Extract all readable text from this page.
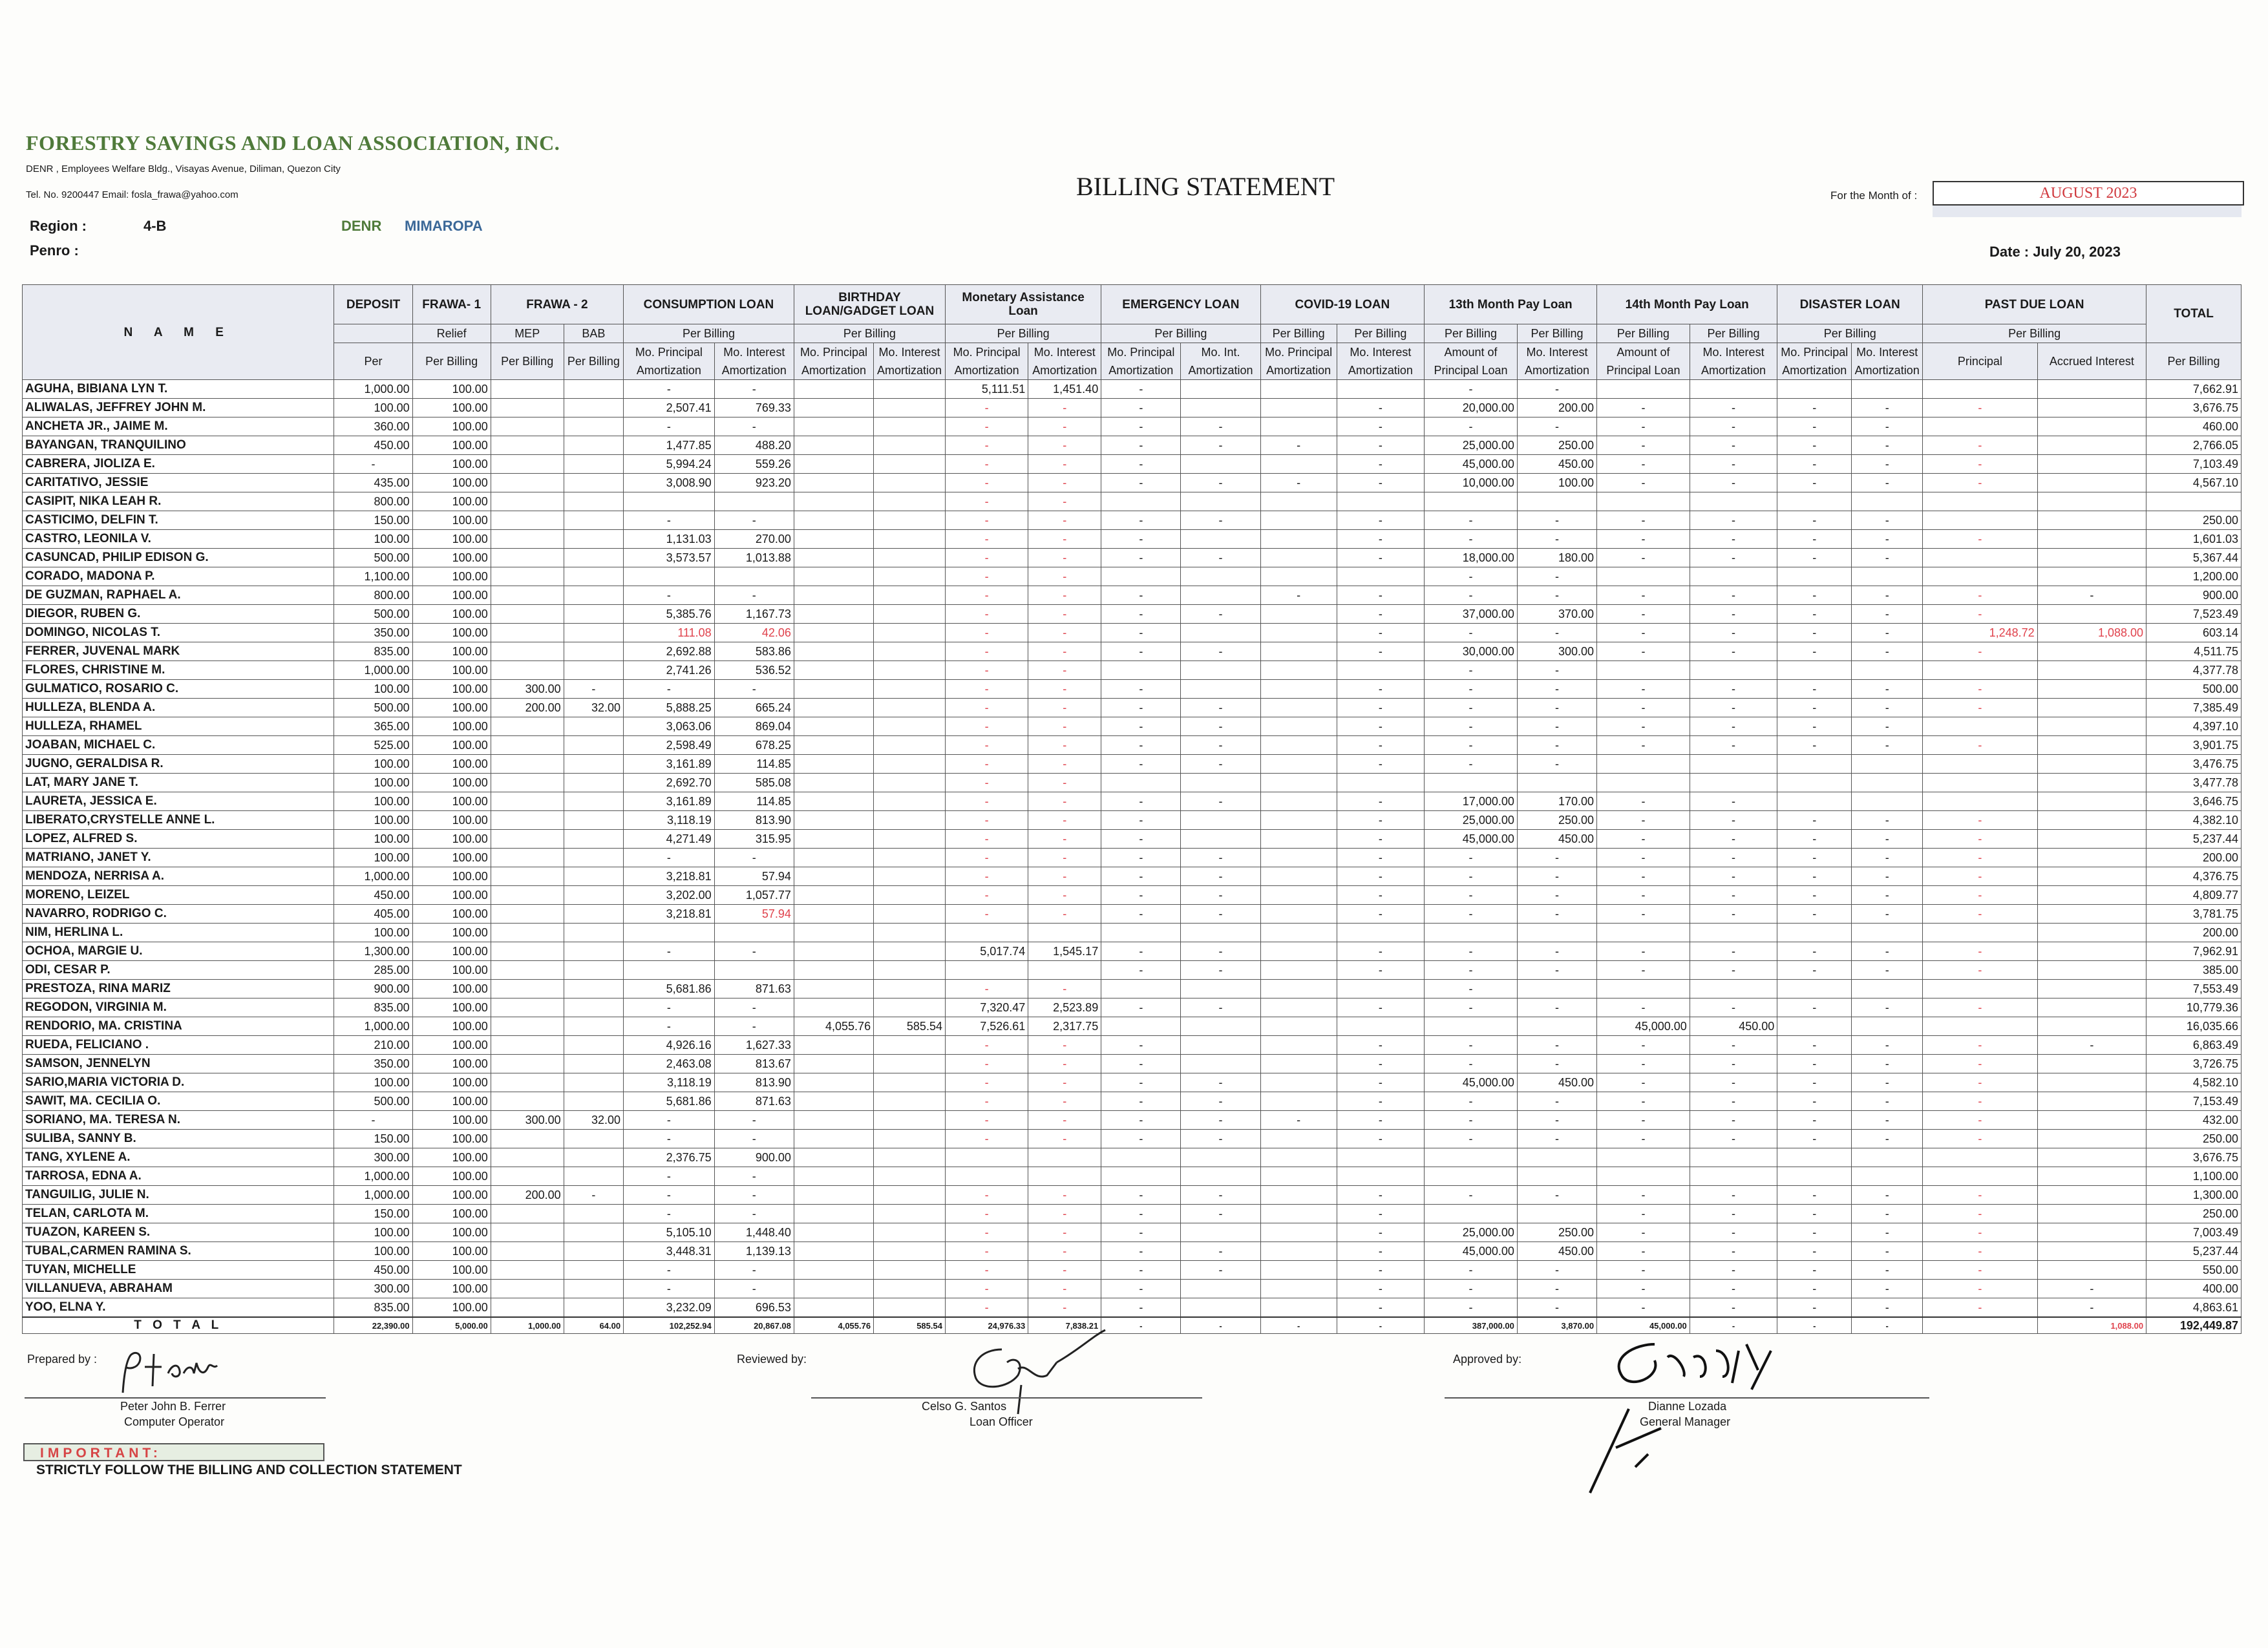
FORESTRY SAVINGS AND LOAN ASSOCIATION, INC.
DENR , Employees Welfare Bldg., Visayas Avenue, Diliman, Quezon City
Tel. No. 9200447 Email: fosla_frawa@yahoo.com	BILLING STATEMENT	For the Month of :	AUGUST 2023
Region :	4-B	DENR MIMAROPA
Penro :	Date : July 20, 2023
N A M E	DEPOSIT	FRAWA- 1	FRAWA - 2		CONSUMPTION LOAN		BIRTHDAY LOAN/GADGET LOAN		Monetary Assistance Loan		EMERGENCY LOAN		COVID-19 LOAN		13th Month Pay Loan		14th Month Pay Loan		DISASTER LOAN		PAST DUE LOAN		TOTAL
		Relief	MEP	BAB	Per Billing		Per Billing		Per Billing		Per Billing		Per Billing	Per Billing	Per Billing	Per Billing	Per Billing	Per Billing	Per Billing		Per Billing		
	Per	Per Billing	Per Billing	Per Billing	Mo. Principal Amortization	Mo. Interest Amortization	Mo. Principal Amortization	Mo. Interest Amortization	Mo. Principal Amortization	Mo. Interest Amortization	Mo. Principal Amortization	Mo. Int. Amortization	Mo. Principal Amortization	Mo. Interest Amortization	Amount of Principal Loan	Mo. Interest Amortization	Amount of Principal Loan	Mo. Interest Amortization	Mo. Principal Amortization	Mo. Interest Amortization	Principal	Accrued Interest	Per Billing
AGUHA, BIBIANA LYN T.	1,000.00	100.00			-	-			5,111.51	1,451.40	-				-	-							7,662.91
ALIWALAS, JEFFREY JOHN M.	100.00	100.00			2,507.41	769.33			-	-	-			-	20,000.00	200.00	-	-	-	-	-		3,676.75
ANCHETA JR., JAIME M.	360.00	100.00			-	-			-	-	-	-		-	-	-	-	-	-	-			460.00
BAYANGAN, TRANQUILINO	450.00	100.00			1,477.85	488.20			-	-	-	-	-	-	25,000.00	250.00	-	-	-	-	-		2,766.05
CABRERA, JIOLIZA E.	-	100.00			5,994.24	559.26			-	-	-			-	45,000.00	450.00	-	-	-	-	-		7,103.49
CARITATIVO, JESSIE	435.00	100.00			3,008.90	923.20			-	-	-	-	-	-	10,000.00	100.00	-	-	-	-	-		4,567.10
CASIPIT, NIKA LEAH R.	800.00	100.00							-	-													
CASTICIMO, DELFIN T.	150.00	100.00			-	-			-	-	-	-		-	-	-	-	-	-	-			250.00
CASTRO, LEONILA V.	100.00	100.00			1,131.03	270.00			-	-	-			-	-	-	-	-	-	-	-		1,601.03
CASUNCAD, PHILIP EDISON G.	500.00	100.00			3,573.57	1,013.88			-	-	-	-		-	18,000.00	180.00	-	-	-	-			5,367.44
CORADO, MADONA P.	1,100.00	100.00							-	-					-	-							1,200.00
DE GUZMAN, RAPHAEL A.	800.00	100.00			-	-			-	-	-		-	-	-	-	-	-	-	-	-	-	900.00
DIEGOR, RUBEN G.	500.00	100.00			5,385.76	1,167.73			-	-	-	-		-	37,000.00	370.00	-	-	-	-	-		7,523.49
DOMINGO, NICOLAS T.	350.00	100.00			111.08	42.06			-	-	-			-	-	-	-	-	-	-	1,248.72	1,088.00	603.14
FERRER, JUVENAL MARK	835.00	100.00			2,692.88	583.86			-	-	-	-		-	30,000.00	300.00	-	-	-	-	-		4,511.75
FLORES, CHRISTINE M.	1,000.00	100.00			2,741.26	536.52			-	-					-	-							4,377.78
GULMATICO, ROSARIO C.	100.00	100.00	300.00	-	-	-			-	-	-			-	-	-	-	-	-	-	-		500.00
HULLEZA, BLENDA A.	500.00	100.00	200.00	32.00	5,888.25	665.24			-	-	-	-		-	-	-	-	-	-	-	-		7,385.49
HULLEZA, RHAMEL	365.00	100.00			3,063.06	869.04			-	-	-	-		-	-	-	-	-	-	-			4,397.10
JOABAN, MICHAEL C.	525.00	100.00			2,598.49	678.25			-	-	-	-		-	-	-	-	-	-	-	-		3,901.75
JUGNO, GERALDISA R.	100.00	100.00			3,161.89	114.85			-	-	-	-		-	-	-							3,476.75
LAT, MARY JANE T.	100.00	100.00			2,692.70	585.08			-	-													3,477.78
LAURETA, JESSICA E.	100.00	100.00			3,161.89	114.85			-	-	-	-		-	17,000.00	170.00	-	-					3,646.75
LIBERATO,CRYSTELLE ANNE L.	100.00	100.00			3,118.19	813.90			-	-	-			-	25,000.00	250.00	-	-	-	-	-		4,382.10
LOPEZ, ALFRED S.	100.00	100.00			4,271.49	315.95			-	-	-			-	45,000.00	450.00	-	-	-	-	-		5,237.44
MATRIANO, JANET Y.	100.00	100.00			-	-			-	-	-	-		-	-	-	-	-	-	-	-		200.00
MENDOZA, NERRISA A.	1,000.00	100.00			3,218.81	57.94			-	-	-	-		-	-	-	-	-	-	-	-		4,376.75
MORENO, LEIZEL	450.00	100.00			3,202.00	1,057.77			-	-	-	-		-	-	-	-	-	-	-	-		4,809.77
NAVARRO, RODRIGO C.	405.00	100.00			3,218.81	57.94			-	-	-	-		-	-	-	-	-	-	-	-		3,781.75
NIM, HERLINA L.	100.00	100.00																					200.00
OCHOA, MARGIE U.	1,300.00	100.00			-	-			5,017.74	1,545.17	-	-		-	-	-	-	-	-	-	-		7,962.91
ODI, CESAR P.	285.00	100.00									-	-		-	-	-	-	-	-	-	-		385.00
PRESTOZA, RINA MARIZ	900.00	100.00			5,681.86	871.63			-	-					-								7,553.49
REGODON, VIRGINIA M.	835.00	100.00			-	-			7,320.47	2,523.89	-	-		-	-	-	-	-	-	-	-		10,779.36
RENDORIO, MA. CRISTINA	1,000.00	100.00			-	-	4,055.76	585.54	7,526.61	2,317.75							45,000.00	450.00					16,035.66
RUEDA, FELICIANO .	210.00	100.00			4,926.16	1,627.33			-	-	-			-	-	-	-	-	-	-	-	-	6,863.49
SAMSON, JENNELYN	350.00	100.00			2,463.08	813.67			-	-	-			-	-	-	-	-	-	-	-		3,726.75
SARIO,MARIA VICTORIA D.	100.00	100.00			3,118.19	813.90			-	-	-	-		-	45,000.00	450.00	-	-	-	-	-		4,582.10
SAWIT, MA. CECILIA O.	500.00	100.00			5,681.86	871.63			-	-	-	-		-	-	-	-	-	-	-	-		7,153.49
SORIANO, MA. TERESA N.	-	100.00	300.00	32.00	-	-			-	-	-	-	-	-	-	-	-	-	-	-	-		432.00
SULIBA, SANNY B.	150.00	100.00			-	-			-	-	-	-		-	-	-	-	-	-	-	-		250.00
TANG, XYLENE A.	300.00	100.00			2,376.75	900.00																	3,676.75
TARROSA, EDNA A.	1,000.00	100.00			-	-																	1,100.00
TANGUILIG, JULIE N.	1,000.00	100.00	200.00	-	-	-			-	-	-	-		-	-	-	-	-	-	-	-		1,300.00
TELAN, CARLOTA M.	150.00	100.00			-	-			-	-	-	-		-			-	-	-	-	-		250.00
TUAZON, KAREEN S.	100.00	100.00			5,105.10	1,448.40			-	-	-			-	25,000.00	250.00	-	-	-	-	-		7,003.49
TUBAL,CARMEN RAMINA S.	100.00	100.00			3,448.31	1,139.13			-	-	-	-		-	45,000.00	450.00	-	-	-	-	-		5,237.44
TUYAN, MICHELLE	450.00	100.00			-	-			-	-	-	-		-	-	-	-	-	-	-	-		550.00
VILLANUEVA, ABRAHAM	300.00	100.00			-	-			-	-	-			-	-	-	-	-	-	-	-	-	400.00
YOO, ELNA Y.	835.00	100.00			3,232.09	696.53			-	-	-			-	-	-	-	-	-	-	-	-	4,863.61
T O T A L	22,390.00	5,000.00	1,000.00	64.00	102,252.94	20,867.08	4,055.76	585.54	24,976.33	7,838.21	-	-	-	-	387,000.00	3,870.00	45,000.00	-	-	-		1,088.00	192,449.87
Prepared by :	Reviewed by:	Approved by:
Peter John B. Ferrer
Computer Operator
Celso G. Santos
Loan Officer
Dianne Lozada
General Manager
IMPORTANT:
STRICTLY FOLLOW THE BILLING AND COLLECTION STATEMENT
